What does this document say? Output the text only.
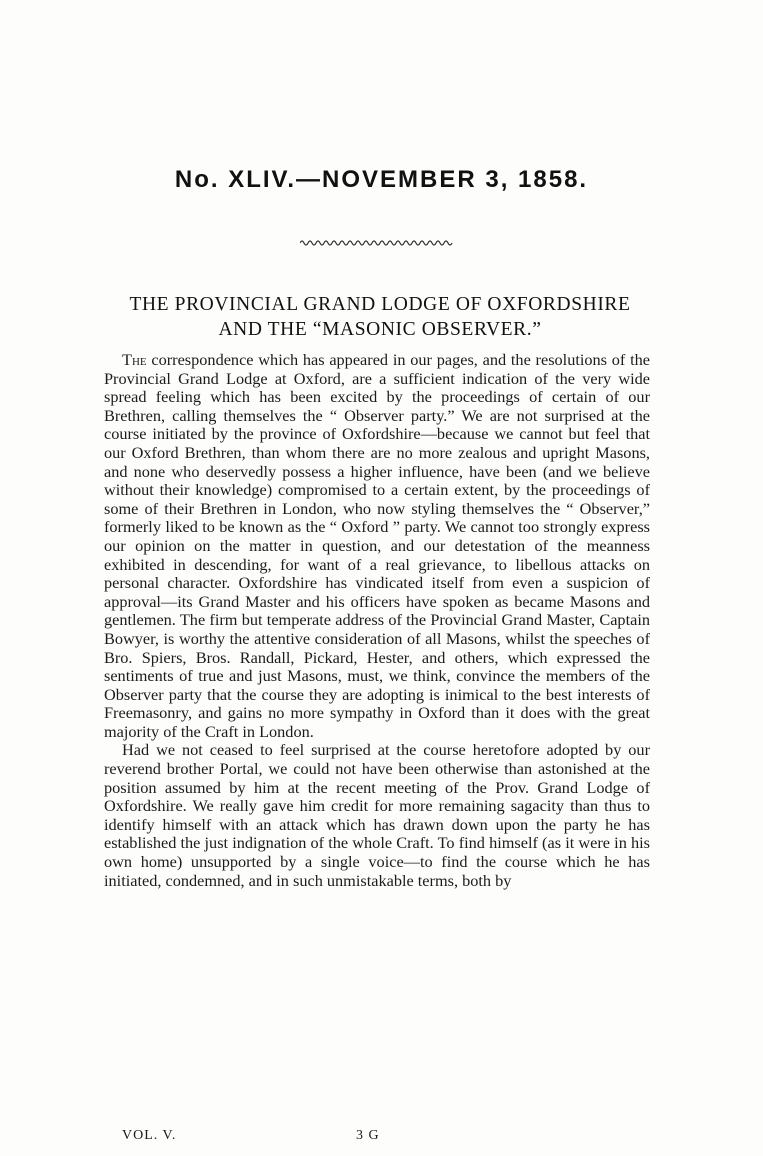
No. XLIV.—NOVEMBER 3, 1858.
THE PROVINCIAL GRAND LODGE OF OXFORDSHIRE
AND THE “MASONIC OBSERVER.”

The correspondence which has appeared in our pages, and the resolutions of the Provincial Grand Lodge at Oxford, are a sufficient indication of the very wide spread feeling which has been excited by the proceedings of certain of our Brethren, calling themselves the “ Observer party.” We are not surprised at the course initiated by the province of Oxfordshire—because we cannot but feel that our Oxford Brethren, than whom there are no more zealous and upright Masons, and none who deservedly possess a higher influence, have been (and we believe without their knowledge) compromised to a certain extent, by the proceedings of some of their Brethren in London, who now styling themselves the “ Observer,” formerly liked to be known as the “ Oxford ” party. We cannot too strongly express our opinion on the matter in question, and our detestation of the meanness exhibited in descending, for want of a real grievance, to libellous attacks on personal character. Oxfordshire has vindicated itself from even a suspicion of approval—its Grand Master and his officers have spoken as became Masons and gentlemen. The firm but temperate address of the Provincial Grand Master, Captain Bowyer, is worthy the attentive consideration of all Masons, whilst the speeches of Bro. Spiers, Bros. Randall, Pickard, Hester, and others, which expressed the sentiments of true and just Masons, must, we think, convince the members of the Observer party that the course they are adopting is inimical to the best interests of Freemasonry, and gains no more sympathy in Oxford than it does with the great majority of the Craft in London.

Had we not ceased to feel surprised at the course heretofore adopted by our reverend brother Portal, we could not have been otherwise than astonished at the position assumed by him at the recent meeting of the Prov. Grand Lodge of Oxfordshire. We really gave him credit for more remaining sagacity than thus to identify himself with an attack which has drawn down upon the party he has established the just indignation of the whole Craft. To find himself (as it were in his own home) unsupported by a single voice—to find the course which he has initiated, condemned, and in such unmistakable terms, both by

VOL. V.	3 G
